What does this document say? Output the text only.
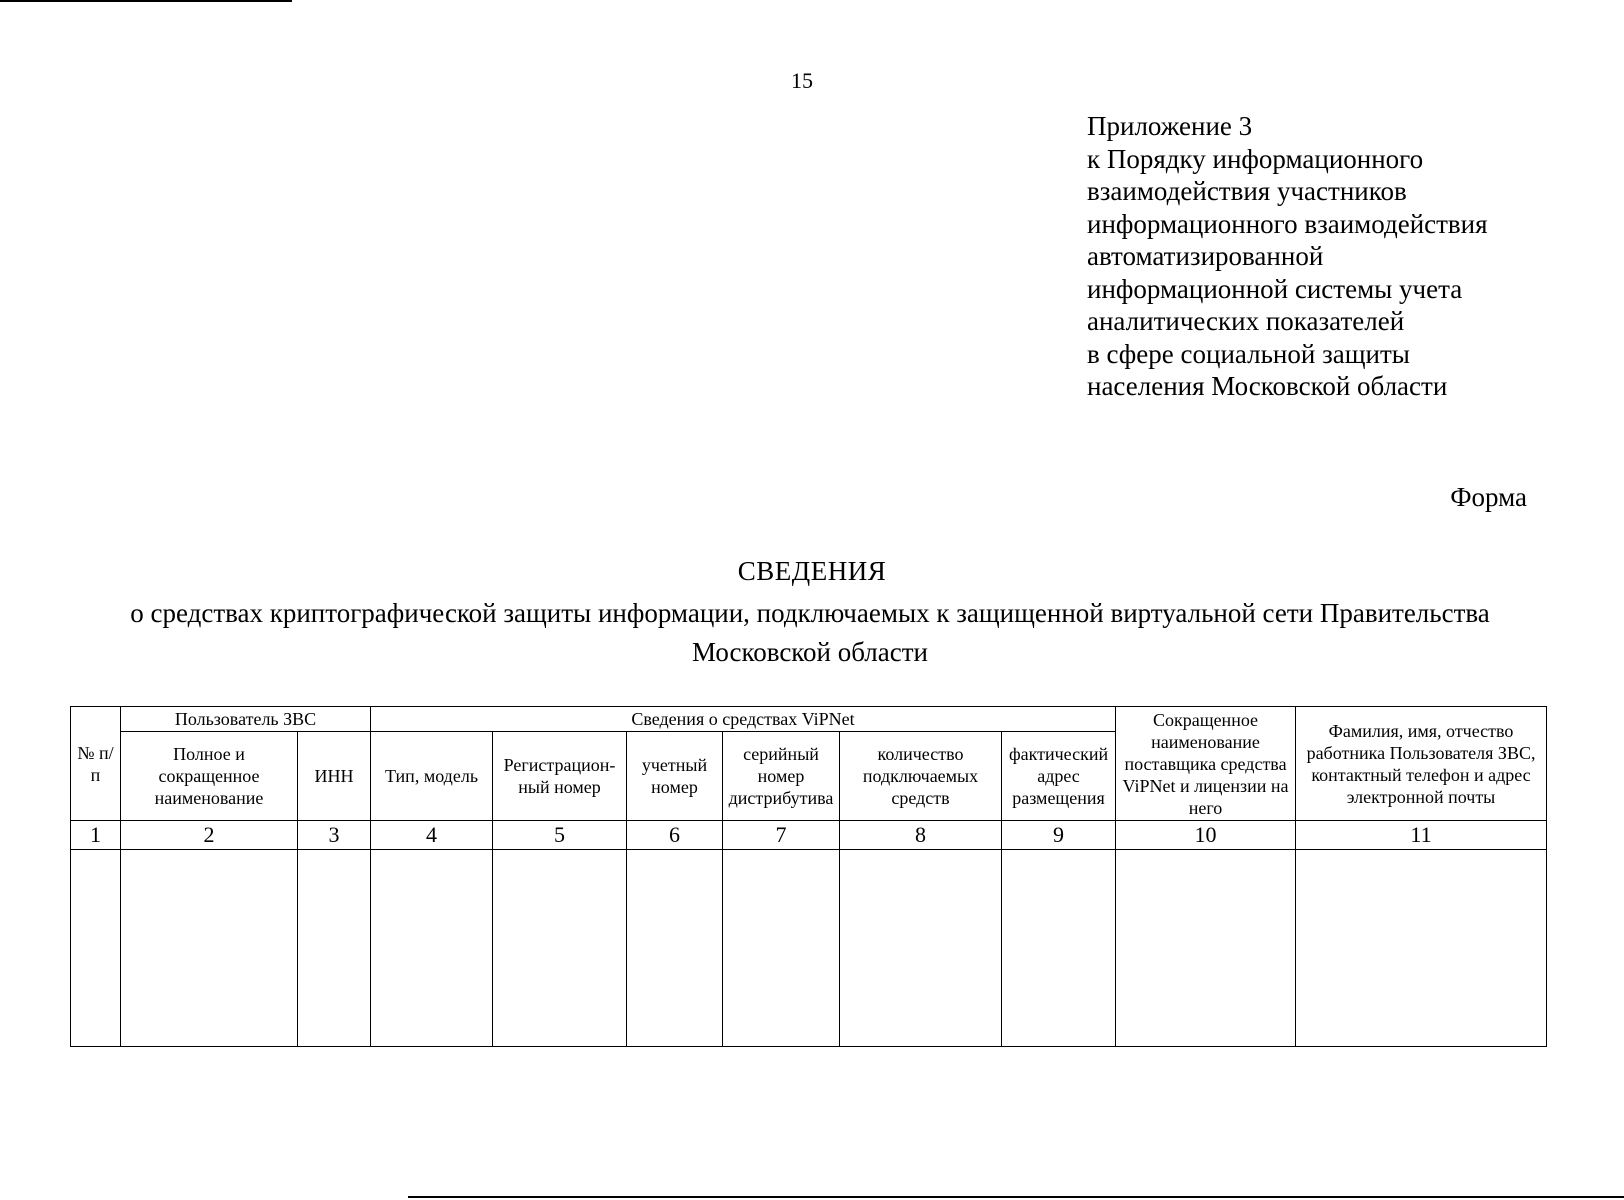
15
Приложение 3
к Порядку информационного
взаимодействия участников
информационного взаимодействия
автоматизированной
информационной системы учета
аналитических показателей
в сфере социальной защиты
населения Московской области
Форма
СВЕДЕНИЯ
о средствах криптографической защиты информации, подключаемых к защищенной виртуальной сети Правительства Московской области
№ п/п	Пользователь ЗВС		Сведения о средствах ViPNet						Сокращенное наименование поставщика средства ViPNet и лицензии на него	Фамилия, имя, отчество работника Пользователя ЗВС, контактный телефон и адрес электронной почты
	Полное и сокращенное наименование	ИНН	Тип, модель	Регистрацион-ный номер	учетный номер	серийный номер дистрибутива	количество подключаемых средств	фактический адрес размещения		
1	2	3	4	5	6	7	8	9	10	11
